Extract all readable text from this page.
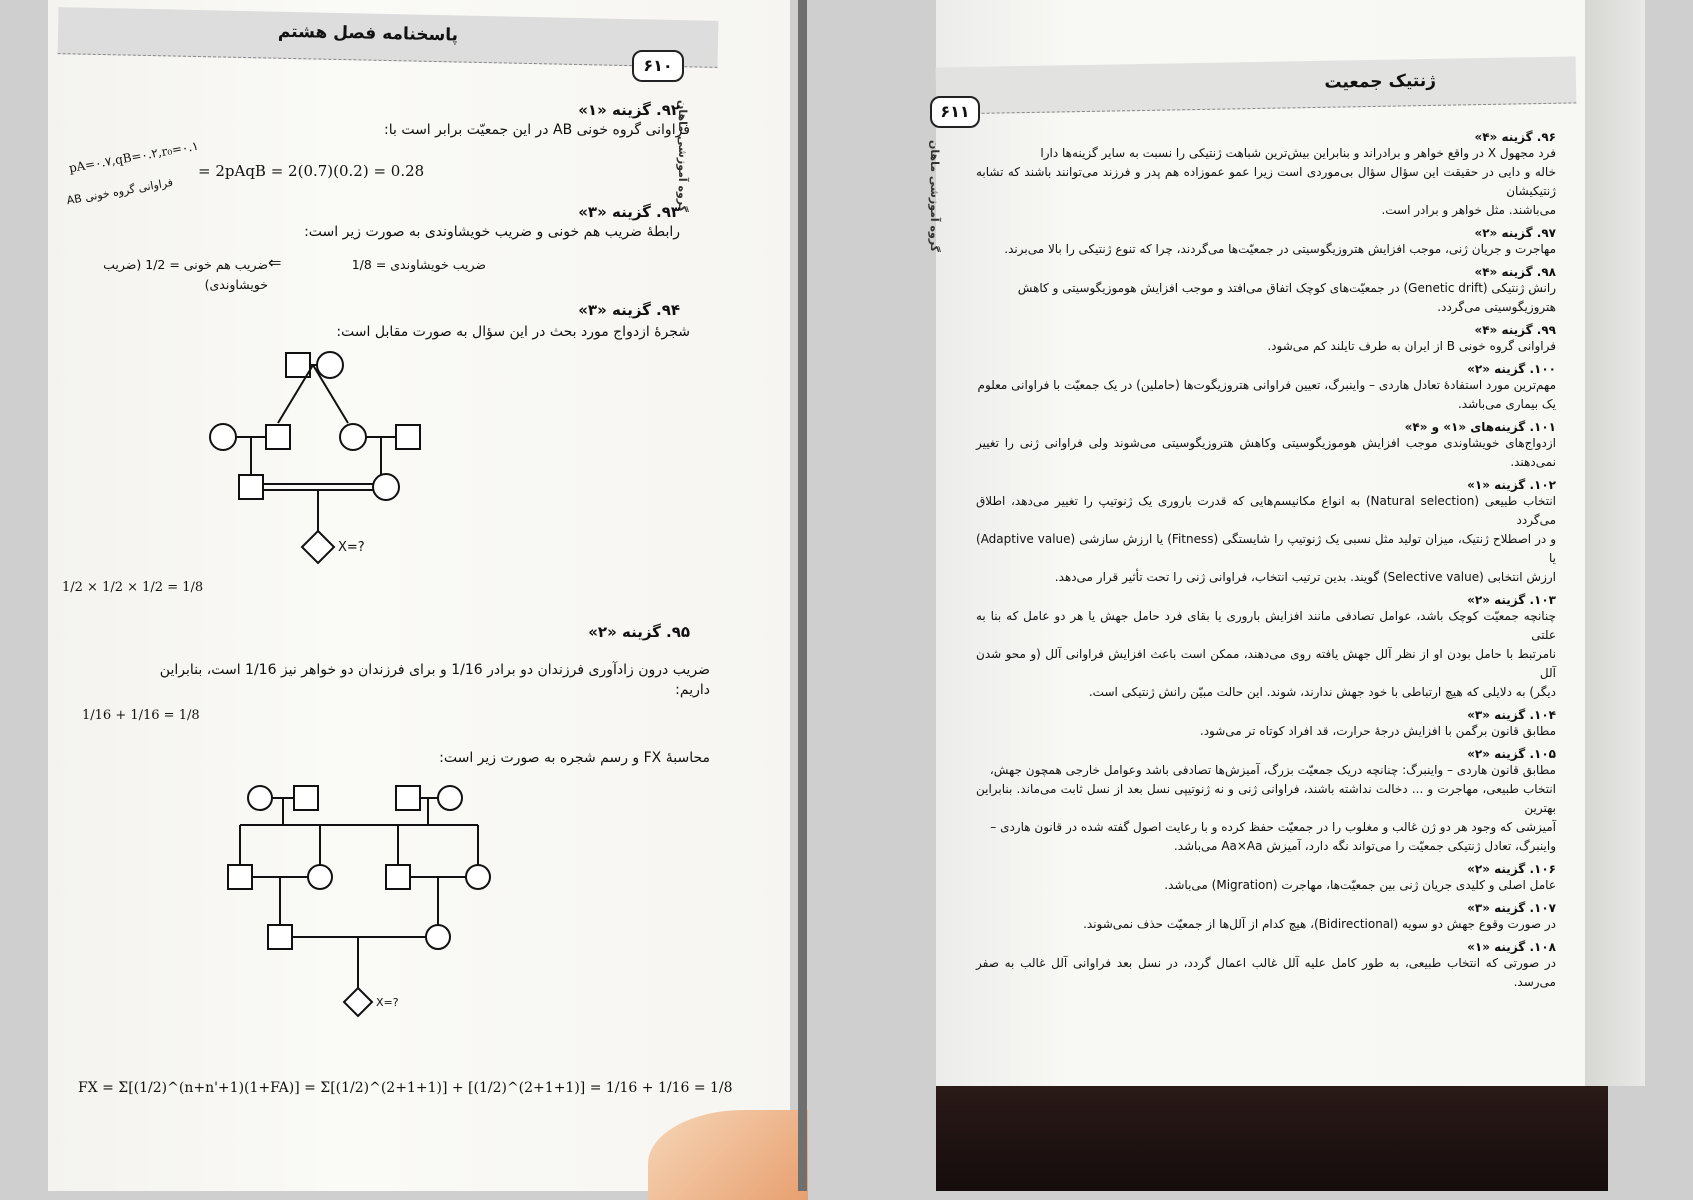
پاسخنامه فصل هشتم
۶۱۰
گروه آموزشی ماهان
۹۲. گزینه «۱»
فراوانی گروه خونی AB در این جمعیّت برابر است با:
pA=۰.۷,qB=۰.۲,r₀=۰.۱
فراوانی گروه خونی AB
= 2pAqB = 2(0.7)(0.2) = 0.28
۹۳. گزینه «۳»
رابطهٔ ضریب هم خونی و ضریب خویشاوندی به صورت زیر است:
ضریب هم خونی = 1/2 (ضریب خویشاوندی)
⇐	ضریب خویشاوندی = 1/8
۹۴. گزینه «۳»
شجرهٔ ازدواج مورد بحث در این سؤال به صورت مقابل است:
X=?
1/2 × 1/2 × 1/2 = 1/8
۹۵. گزینه «۲»
ضریب درون زادآوری فرزندان دو برادر 1/16 و برای فرزندان دو خواهر نیز 1/16 است، بنابراین داریم:
1/16 + 1/16 = 1/8
محاسبهٔ FX و رسم شجره به صورت زیر است:
X=?
FX = Σ[(1/2)^(n+n'+1)(1+FA)] = Σ[(1/2)^(2+1+1)] + [(1/2)^(2+1+1)] = 1/16 + 1/16 = 1/8
ژنتیک جمعیت
۶۱۱
گروه آموزشی ماهان
۹۶. گزینه «۴»
فرد مجهول X در واقع خواهر و برادراند و بنابراین بیش‌ترین شباهت ژنتیکی را نسبت به سایر گزینه‌ها دارا
خاله و دایی در حقیقت این سؤال سؤال بی‌موردی است زیرا عمو عموزاده هم پدر و فرزند می‌توانند باشند که تشابه ژنتیکیشان
می‌باشند. مثل خواهر و برادر است.
۹۷. گزینه «۲»
مهاجرت و جریان ژنی، موجب افزایش هتروزیگوسیتی در جمعیّت‌ها می‌گردند، چرا که تنوع ژنتیکی را بالا می‌برند.
۹۸. گزینه «۴»
رانش ژنتیکی (Genetic drift) در جمعیّت‌های کوچک اتفاق می‌افتد و موجب افزایش هوموزیگوسیتی و کاهش
هتروزیگوسیتی می‌گردد.
۹۹. گزینه «۴»
فراوانی گروه خونی B از ایران به طرف تایلند کم می‌شود.
۱۰۰. گزینه «۲»
مهم‌ترین مورد استفادهٔ تعادل هاردی – واینبرگ، تعیین فراوانی هتروزیگوت‌ها (حاملین) در یک جمعیّت با فراوانی معلوم
یک بیماری می‌باشد.
۱۰۱. گزینه‌های «۱» و «۴»
ازدواج‌های خویشاوندی موجب افزایش هوموزیگوسیتی وکاهش هتروزیگوسیتی می‌شوند ولی فراوانی ژنی را تغییر نمی‌دهند.
۱۰۲. گزینه «۱»
انتخاب طبیعی (Natural selection) به انواع مکانیسم‌هایی که قدرت باروری یک ژنوتیپ را تغییر می‌دهد، اطلاق می‌گردد
و در اصطلاح ژنتیک، میزان تولید مثل نسبی یک ژنوتیپ را شایستگی (Fitness) یا ارزش سازشی (Adaptive value) یا
ارزش انتخابی (Selective value) گویند. بدین ترتیب انتخاب، فراوانی ژنی را تحت تأثیر قرار می‌دهد.
۱۰۳. گزینه «۲»
چنانچه جمعیّت کوچک باشد، عوامل تصادفی مانند افزایش باروری یا بقای فرد حامل جهش یا هر دو عامل که بنا به علتی
نامرتبط با حامل بودن او از نظر آلل جهش یافته روی می‌دهند، ممکن است باعث افزایش فراوانی آلل (و محو شدن آلل
دیگر) به دلایلی که هیچ ارتباطی با خود جهش ندارند، شوند. این حالت مبیّن رانش ژنتیکی است.
۱۰۴. گزینه «۳»
مطابق قانون برگمن با افزایش درجهٔ حرارت، قد افراد کوتاه تر می‌شود.
۱۰۵. گزینه «۲»
مطابق قانون هاردی – واینبرگ: چنانچه دریک جمعیّت بزرگ، آمیزش‌ها تصادفی باشد وعوامل خارجی همچون جهش،
انتخاب طبیعی، مهاجرت و ... دخالت نداشته باشند، فراوانی ژنی و نه ژنوتیپی نسل بعد از نسل ثابت می‌ماند. بنابراین بهترین
آمیزشی که وجود هر دو ژن غالب و مغلوب را در جمعیّت حفظ کرده و با رعایت اصول گفته شده در قانون هاردی –
واینبرگ، تعادل ژنتیکی جمعیّت را می‌تواند نگه دارد، آمیزش Aa×Aa می‌باشد.
۱۰۶. گزینه «۲»
عامل اصلی و کلیدی جریان ژنی بین جمعیّت‌ها، مهاجرت (Migration) می‌باشد.
۱۰۷. گزینه «۳»
در صورت وقوع جهش دو سویه (Bidirectional)، هیچ کدام از آلل‌ها از جمعیّت حذف نمی‌شوند.
۱۰۸. گزینه «۱»
در صورتی که انتخاب طبیعی، به طور کامل علیه آلل غالب اعمال گردد، در نسل بعد فراوانی آلل غالب به صفر می‌رسد.
